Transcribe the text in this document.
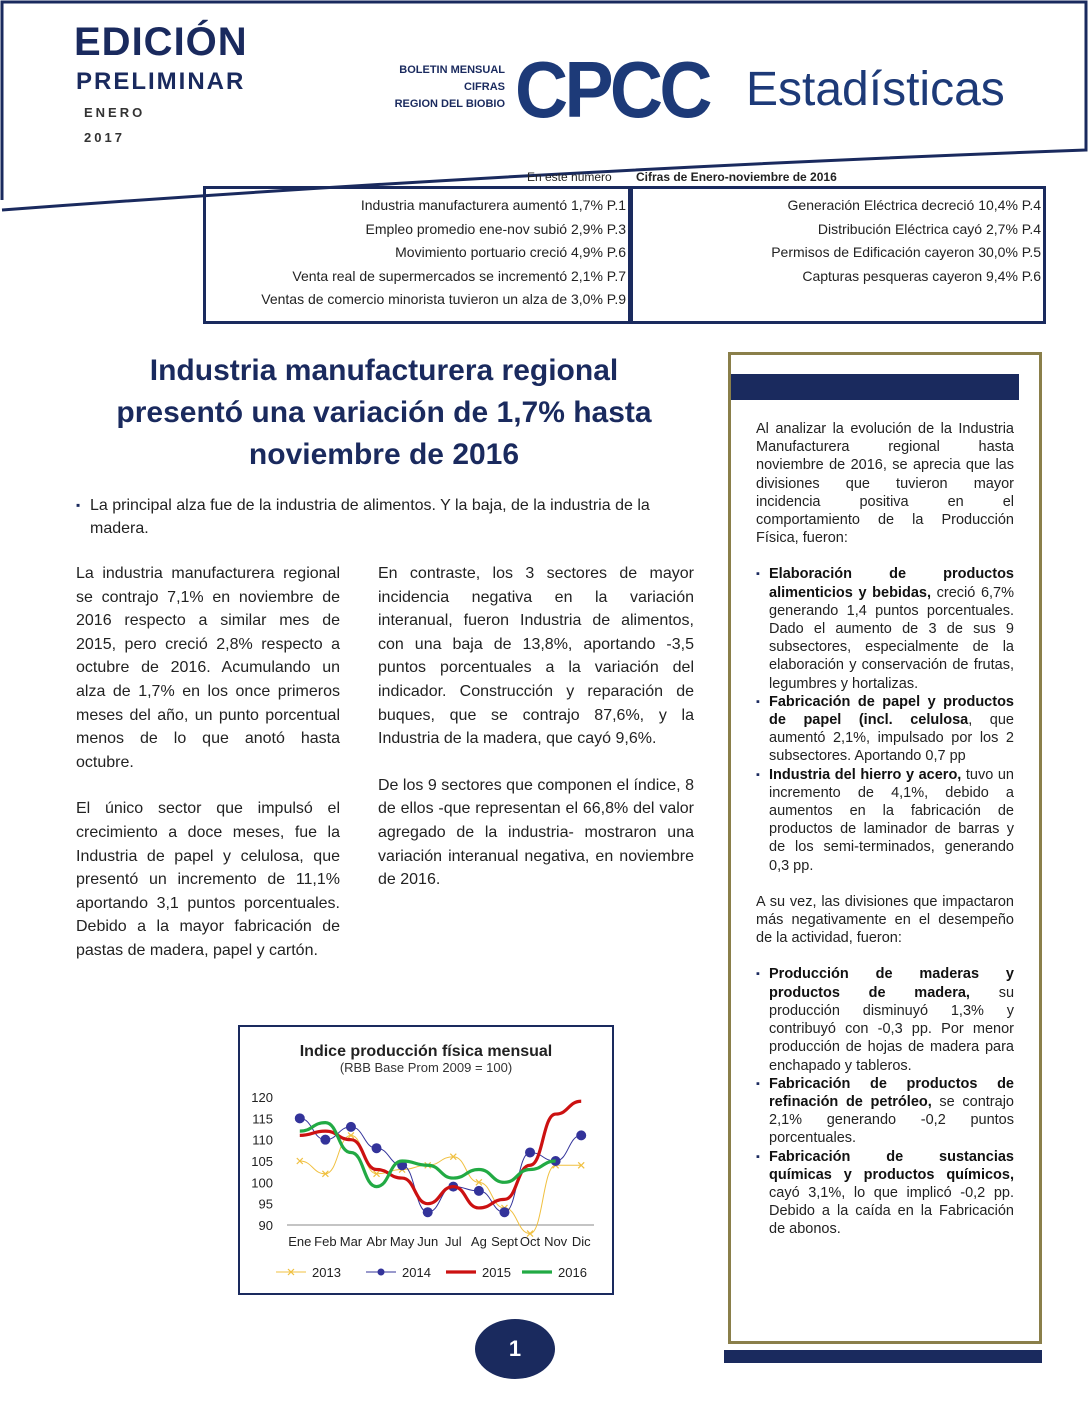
EDICIÓN
PRELIMINAR
ENERO
2017
BOLETIN MENSUAL
CIFRAS
REGION DEL BIOBIO CPCC Estadísticas
En este número Cifras de Enero-noviembre de 2016
Industria manufacturera aumentó 1,7% P.1
Empleo promedio ene-nov subió 2,9% P.3
Movimiento portuario creció 4,9% P.6
Venta real de supermercados se incrementó 2,1% P.7
Ventas de comercio minorista tuvieron un alza de 3,0% P.9
Generación Eléctrica decreció 10,4% P.4
Distribución Eléctrica cayó 2,7% P.4
Permisos de Edificación cayeron 30,0% P.5
Capturas pesqueras cayeron 9,4% P.6
Industria manufacturera regional
presentó una variación de 1,7% hasta
noviembre de 2016
▪ La principal alza fue de la industria de alimentos. Y la baja, de la industria de la madera.

La industria manufacturera regional se contrajo 7,1% en noviembre de 2016 respecto a similar mes de 2015, pero creció 2,8% respecto a octubre de 2016. Acumulando un alza de 1,7% en los once primeros meses del año, un punto porcentual menos de lo que anotó hasta octubre.

El único sector que impulsó el crecimiento a doce meses, fue la Industria de papel y celulosa, que presentó un incremento de 11,1% aportando 3,1 puntos porcentuales. Debido a la mayor fabricación de pastas de madera, papel y cartón.

En contraste, los 3 sectores de mayor incidencia negativa en la variación interanual, fueron Industria de alimentos, con una baja de 13,8%, aportando -3,5 puntos porcentuales a la variación del indicador. Construcción y reparación de buques, que se contrajo 87,6%, y la Industria de la madera, que cayó 9,6%.

De los 9 sectores que componen el índice, 8 de ellos -que representan el 66,8% del valor agregado de la industria- mostraron una variación interanual negativa, en noviembre de 2016.

Indice producción física mensual
(RBB Base Prom 2009 = 100)
90
95
100
105
110
115
120
Ene Feb Mar Abr May Jun Jul Ag Sept Oct Nov Dic
2013	2014	2015	2016

Al analizar la evolución de la Industria Manufacturera regional hasta noviembre de 2016, se aprecia que las divisiones que tuvieron mayor incidencia positiva en el comportamiento de la Producción Física, fueron:

▪ Elaboración de productos alimenticios y bebidas, creció 6,7% generando 1,4 puntos porcentuales. Dado el aumento de 3 de sus 9 subsectores, especialmente de la elaboración y conservación de frutas, legumbres y hortalizas.
▪ Fabricación de papel y productos de papel (incl. celulosa, que aumentó 2,1%, impulsado por los 2 subsectores. Aportando 0,7 pp
▪ Industria del hierro y acero, tuvo un incremento de 4,1%, debido a aumentos en la fabricación de productos de laminador de barras y de los semi-terminados, generando 0,3 pp.

A su vez, las divisiones que impactaron más negativamente en el desempeño de la actividad, fueron:

▪ Producción de maderas y productos de madera, su producción disminuyó 1,3% y contribuyó con -0,3 pp. Por menor producción de hojas de madera para enchapado y tableros.
▪ Fabricación de productos de refinación de petróleo, se contrajo 2,1% generando -0,2 puntos porcentuales.
▪ Fabricación de sustancias químicas y productos químicos, cayó 3,1%, lo que implicó -0,2 pp. Debido a la caída en la Fabricación de abonos.
1
